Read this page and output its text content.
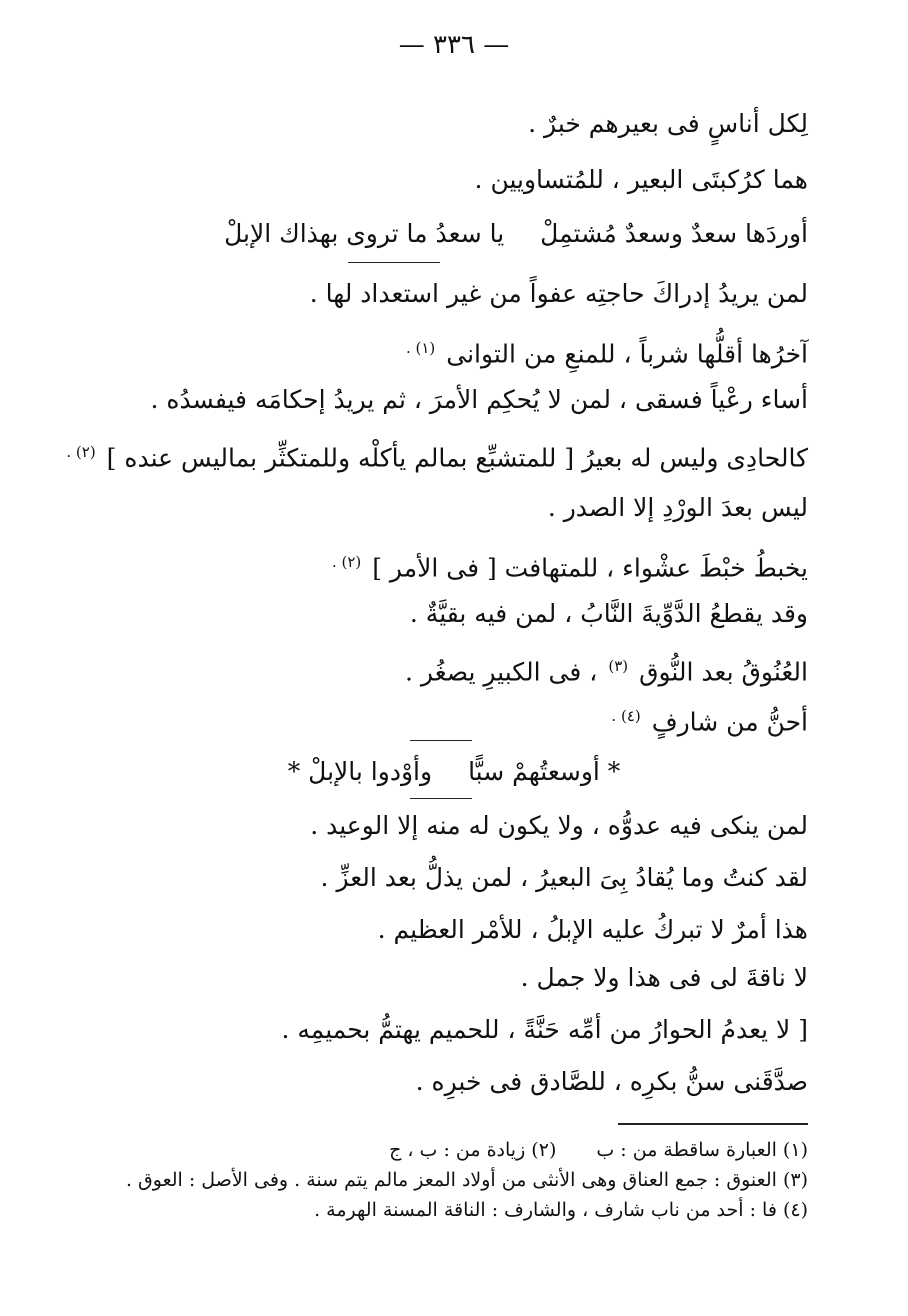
— ٣٣٦ —
لِكل أناسٍ فى بعيرهم خبرٌ .
هما كرُكبتَى البعير ، للمُتساويين .
أوردَها سعدٌ وسعدٌ مُشتمِلْيا سعدُ ما تروى بهذاك الإبلْ
لمن يريدُ إدراكَ حاجتِه عفواً من غير استعداد لها .
آخرُها أقلُّها شرباً ، للمنعِ من التوانى $^{(١) .}$
أساء رعْياً فسقى ، لمن لا يُحكِم الأمرَ ، ثم يريدُ إحكامَه فيفسدُه .
كالحادِى وليس له بعيرُ [ للمتشبِّع بمالم يأكلْه وللمتكثِّر بماليس عنده ] $^{(٢) .}$
ليس بعدَ الورْدِ إلا الصدر .
يخبطُ خبْطَ عشْواء ، للمتهافت [ فى الأمر ] $^{(٢) .}$
وقد يقطعُ الدَّوِّيةَ النَّابُ ، لمن فيه بقيَّةٌ .
العُنُوقُ بعد النُّوق $^{(٣)}$ ، فى الكبيرِ يصغُر .
أحنُّ من شارفٍ $^{(٤) .}$
* أوسعتُهمْ سبًّاوأوْدوا بالإبلْ *
لمن ينكى فيه عدوُّه ، ولا يكون له منه إلا الوعيد .
لقد كنتُ وما يُقادُ بِىَ البعيرُ ، لمن يذلُّ بعد العزِّ .
هذا أمرٌ لا تبركُ عليه الإبلُ ، للأمْر العظيم .
لا ناقةَ لى فى هذا ولا جمل .
[ لا يعدمُ الحوارُ من أمِّه حَنَّةً ، للحميم يهتمُّ بحميمِه .
صدَّقَنى سنُّ بكرِه ، للصَّادق فى خبرِه .
(١) العبارة ساقطة من : ب(٢) زيادة من : ب ، ج
(٣) العنوق : جمع العناق وهى الأنثى من أولاد المعز مالم يتم سنة . وفى الأصل : العوق .
(٤) فا : أحد من ناب شارف ، والشارف : الناقة المسنة الهرمة .
